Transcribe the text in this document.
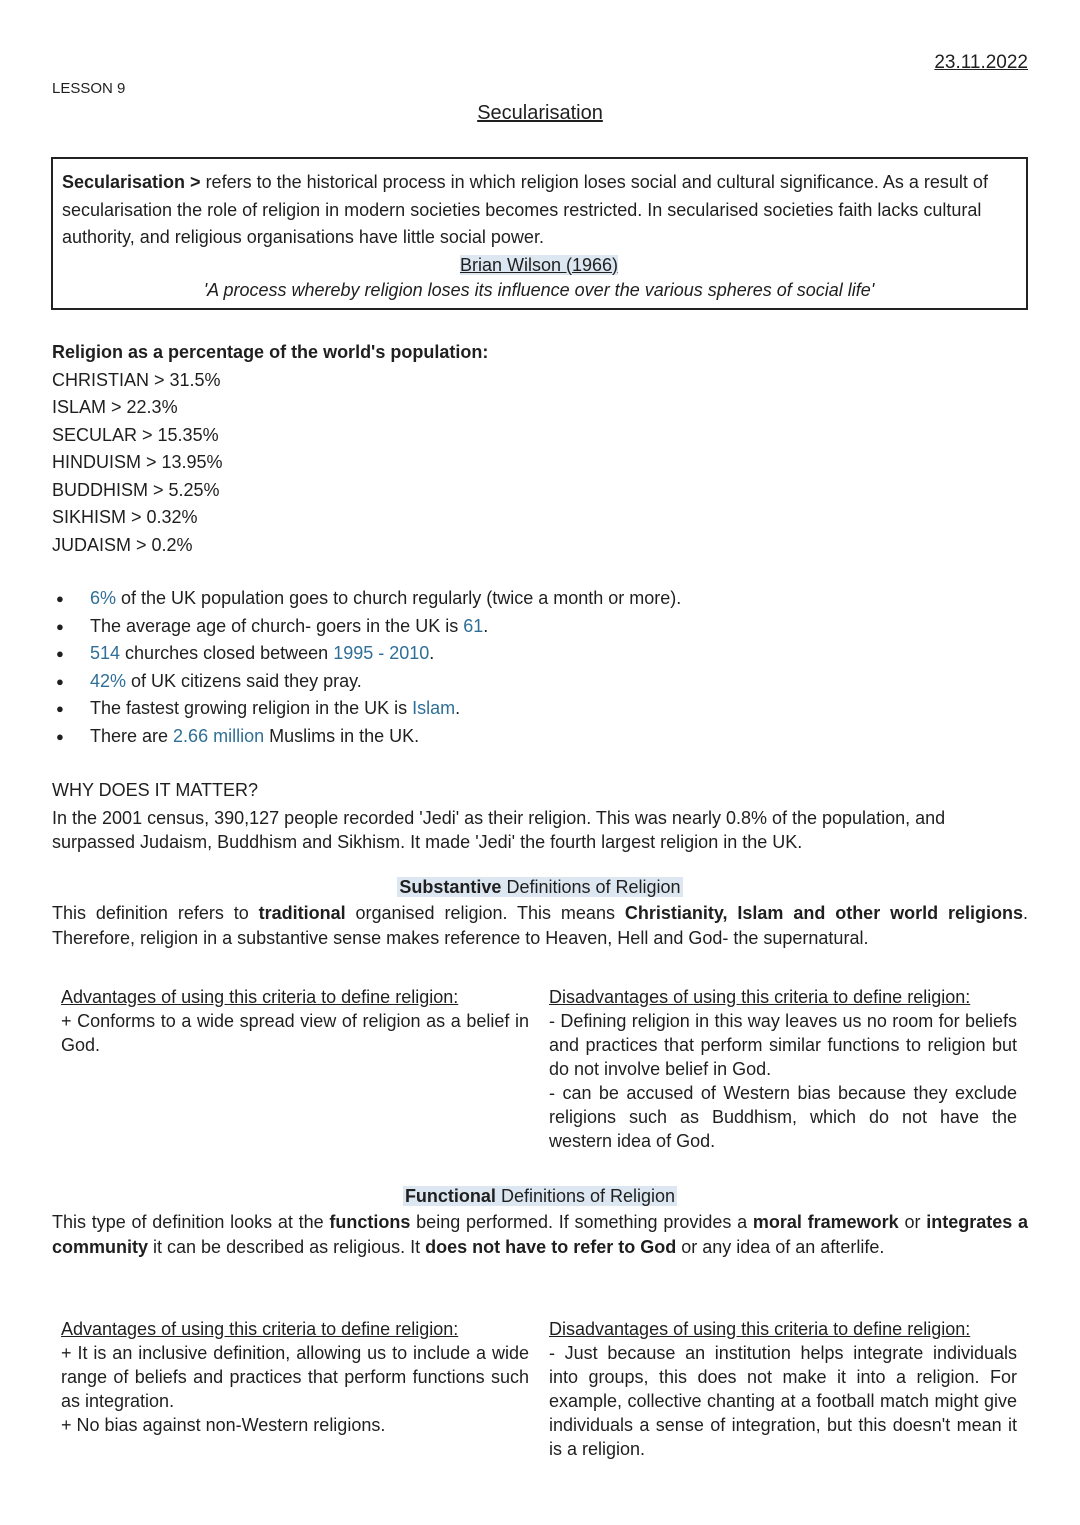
23.11.2022
LESSON 9
Secularisation
Secularisation > refers to the historical process in which religion loses social and cultural significance. As a result of secularisation the role of religion in modern societies becomes restricted. In secularised societies faith lacks cultural authority, and religious organisations have little social power.
Brian Wilson (1966)
'A process whereby religion loses its influence over the various spheres of social life'
Religion as a percentage of the world's population:
CHRISTIAN > 31.5%
ISLAM > 22.3%
SECULAR > 15.35%
HINDUISM > 13.95%
BUDDHISM > 5.25%
SIKHISM > 0.32%
JUDAISM > 0.2%
● 6% of the UK population goes to church regularly (twice a month or more).
● The average age of church- goers in the UK is 61.
● 514 churches closed between 1995 - 2010.
● 42% of UK citizens said they pray.
● The fastest growing religion in the UK is Islam.
● There are 2.66 million Muslims in the UK.

WHY DOES IT MATTER?

In the 2001 census, 390,127 people recorded 'Jedi' as their religion. This was nearly 0.8% of the population, and surpassed Judaism, Buddhism and Sikhism. It made 'Jedi' the fourth largest religion in the UK.

Substantive Definitions of Religion
This definition refers to traditional organised religion. This means Christianity, Islam and other world religions. Therefore, religion in a substantive sense makes reference to Heaven, Hell and God- the supernatural.
Advantages of using this criteria to define religion:
+ Conforms to a wide spread view of religion as a belief in God.
Disadvantages of using this criteria to define religion:
- Defining religion in this way leaves us no room for beliefs and practices that perform similar functions to religion but do not involve belief in God.
- can be accused of Western bias because they exclude religions such as Buddhism, which do not have the western idea of God.
Functional Definitions of Religion
This type of definition looks at the functions being performed. If something provides a moral framework or integrates a community it can be described as religious. It does not have to refer to God or any idea of an afterlife.
Advantages of using this criteria to define religion:
+ It is an inclusive definition, allowing us to include a wide range of beliefs and practices that perform functions such as integration.
+ No bias against non-Western religions.
Disadvantages of using this criteria to define religion:
- Just because an institution helps integrate individuals into groups, this does not make it into a religion. For example, collective chanting at a football match might give individuals a sense of integration, but this doesn't mean it is a religion.
